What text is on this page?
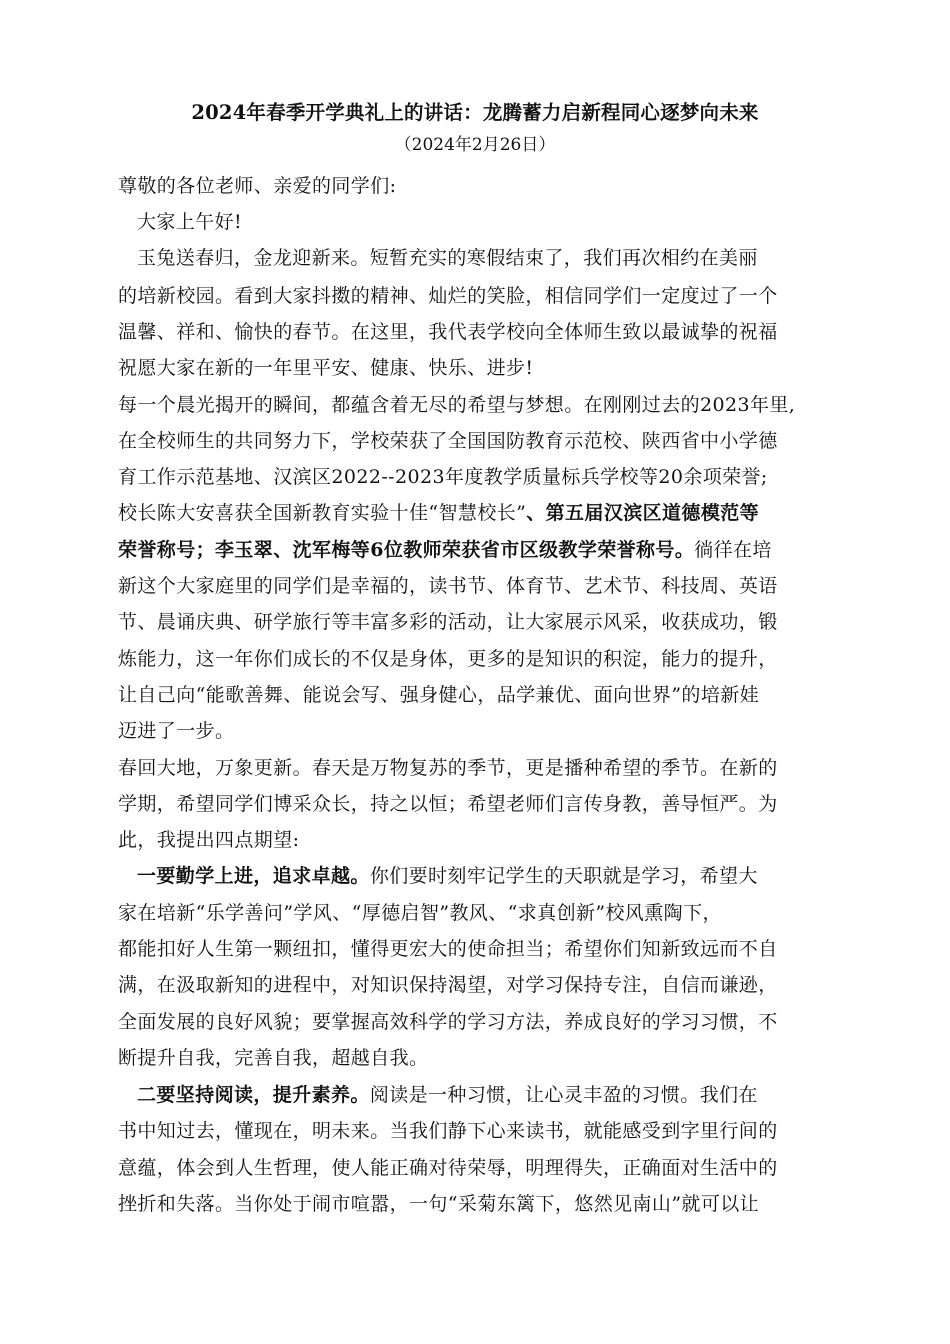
2024年春季开学典礼上的讲话：龙腾蓄力启新程同心逐梦向未来
（2024年2月26日）
尊敬的各位老师、亲爱的同学们:
大家上午好!
玉兔送春归，金龙迎新来。短暂充实的寒假结束了，我们再次相约在美丽
的培新校园。看到大家抖擞的精神、灿烂的笑脸，相信同学们一定度过了一个
温馨、祥和、愉快的春节。在这里，我代表学校向全体师生致以最诚挚的祝福
祝愿大家在新的一年里平安、健康、快乐、进步!
每一个晨光揭开的瞬间，都蕴含着无尽的希望与梦想。在刚刚过去的2023年里,
在全校师生的共同努力下，学校荣获了全国国防教育示范校、陕西省中小学德
育工作示范基地、汉滨区2022--2023年度教学质量标兵学校等20余项荣誉;
校长陈大安喜获全国新教育实验十佳“智慧校长”、第五届汉滨区道德模范等
荣誉称号；李玉翠、沈军梅等6位教师荣获省市区级教学荣誉称号。徜徉在培
新这个大家庭里的同学们是幸福的，读书节、体育节、艺术节、科技周、英语
节、晨诵庆典、研学旅行等丰富多彩的活动，让大家展示风采，收获成功，锻
炼能力，这一年你们成长的不仅是身体，更多的是知识的积淀，能力的提升，
让自己向“能歌善舞、能说会写、强身健心，品学兼优、面向世界”的培新娃
迈进了一步。
春回大地，万象更新。春天是万物复苏的季节，更是播种希望的季节。在新的
学期，希望同学们博采众长，持之以恒；希望老师们言传身教，善导恒严。为
此，我提出四点期望:
一要勤学上进，追求卓越。你们要时刻牢记学生的天职就是学习，希望大
家在培新“乐学善问”学风、“厚德启智”教风、“求真创新”校风熏陶下，
都能扣好人生第一颗纽扣，懂得更宏大的使命担当；希望你们知新致远而不自
满，在汲取新知的进程中，对知识保持渴望，对学习保持专注，自信而谦逊，
全面发展的良好风貌；要掌握高效科学的学习方法，养成良好的学习习惯，不
断提升自我，完善自我，超越自我。
二要坚持阅读，提升素养。阅读是一种习惯，让心灵丰盈的习惯。我们在
书中知过去，懂现在，明未来。当我们静下心来读书，就能感受到字里行间的
意蕴，体会到人生哲理，使人能正确对待荣辱，明理得失，正确面对生活中的
挫折和失落。当你处于闹市喧嚣，一句“采菊东篱下，悠然见南山”就可以让
